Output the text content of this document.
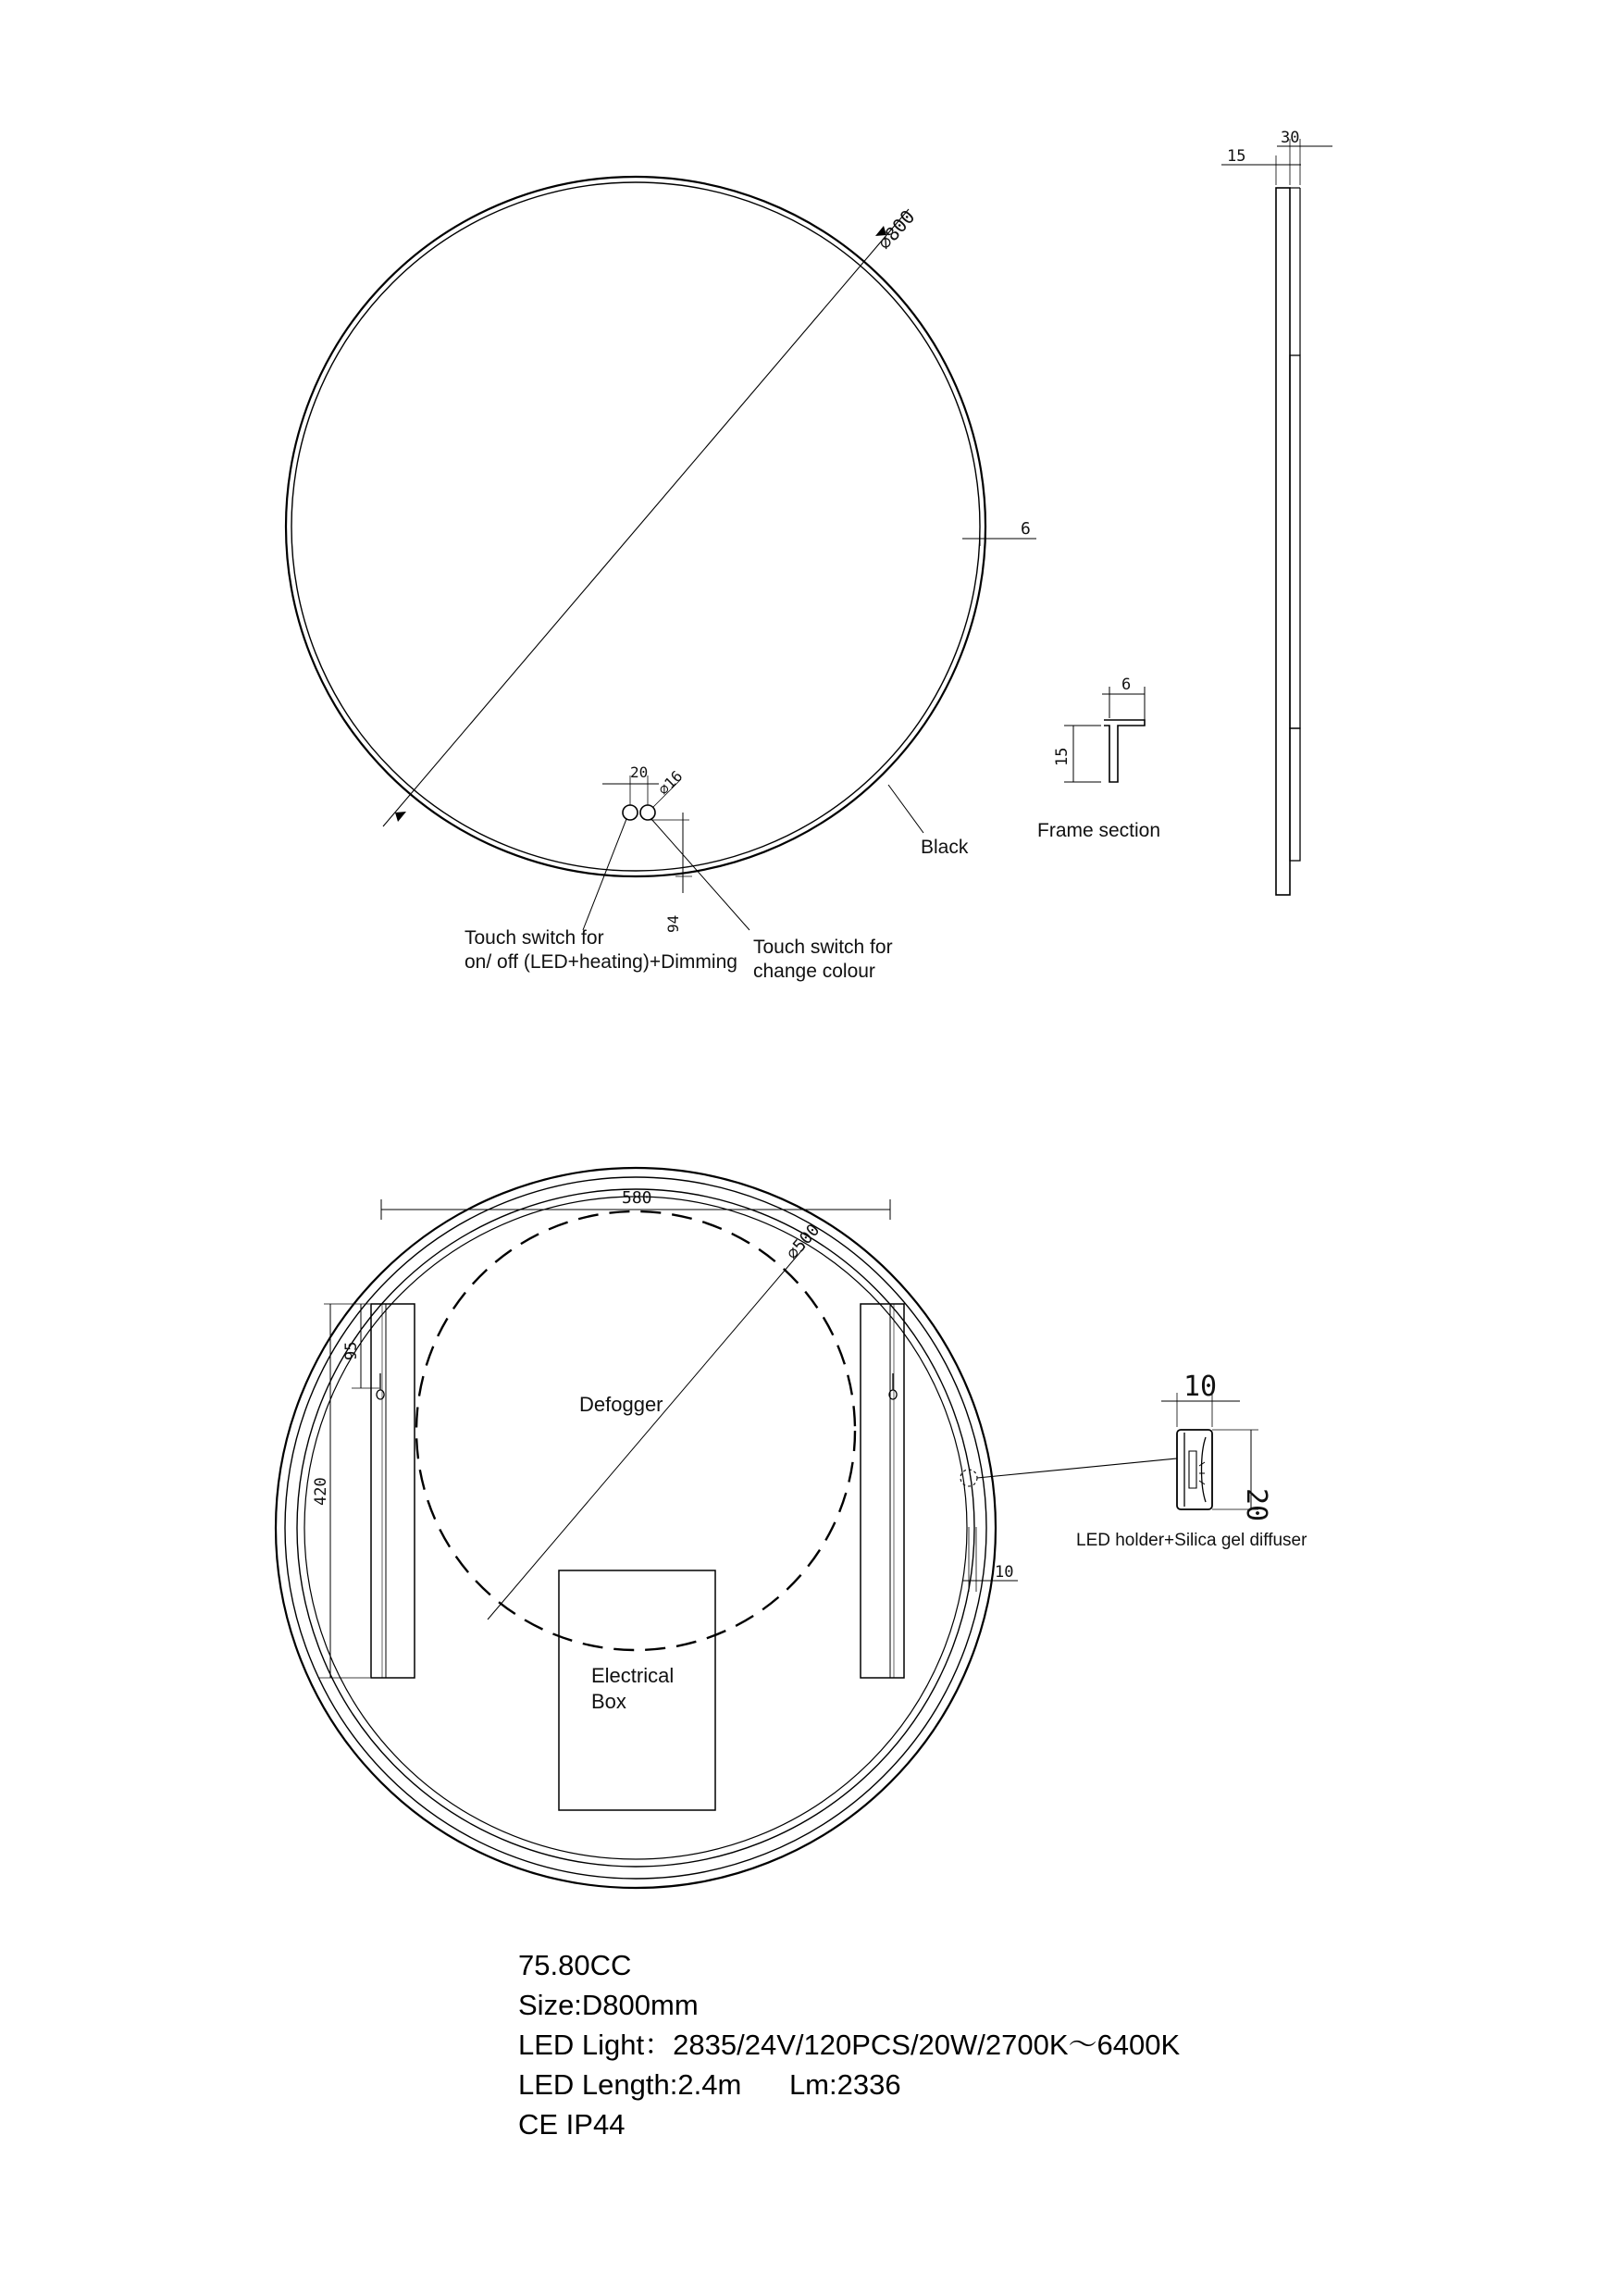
⌀800
6
20 ⌀16
94
Black
Touch switch for
on/ off (LED+heating)+Dimming
Touch switch for
change colour
15
30
6
15
Frame section
580
⌀500
95
420
10
Defogger
Electrical
Box
10
20
LED holder+Silica gel diffuser
75.80CC
Size:D800mm
LED Light：2835/24V/120PCS/20W/2700K～6400K
LED Length:2.4m      Lm:2336
CE IP44
